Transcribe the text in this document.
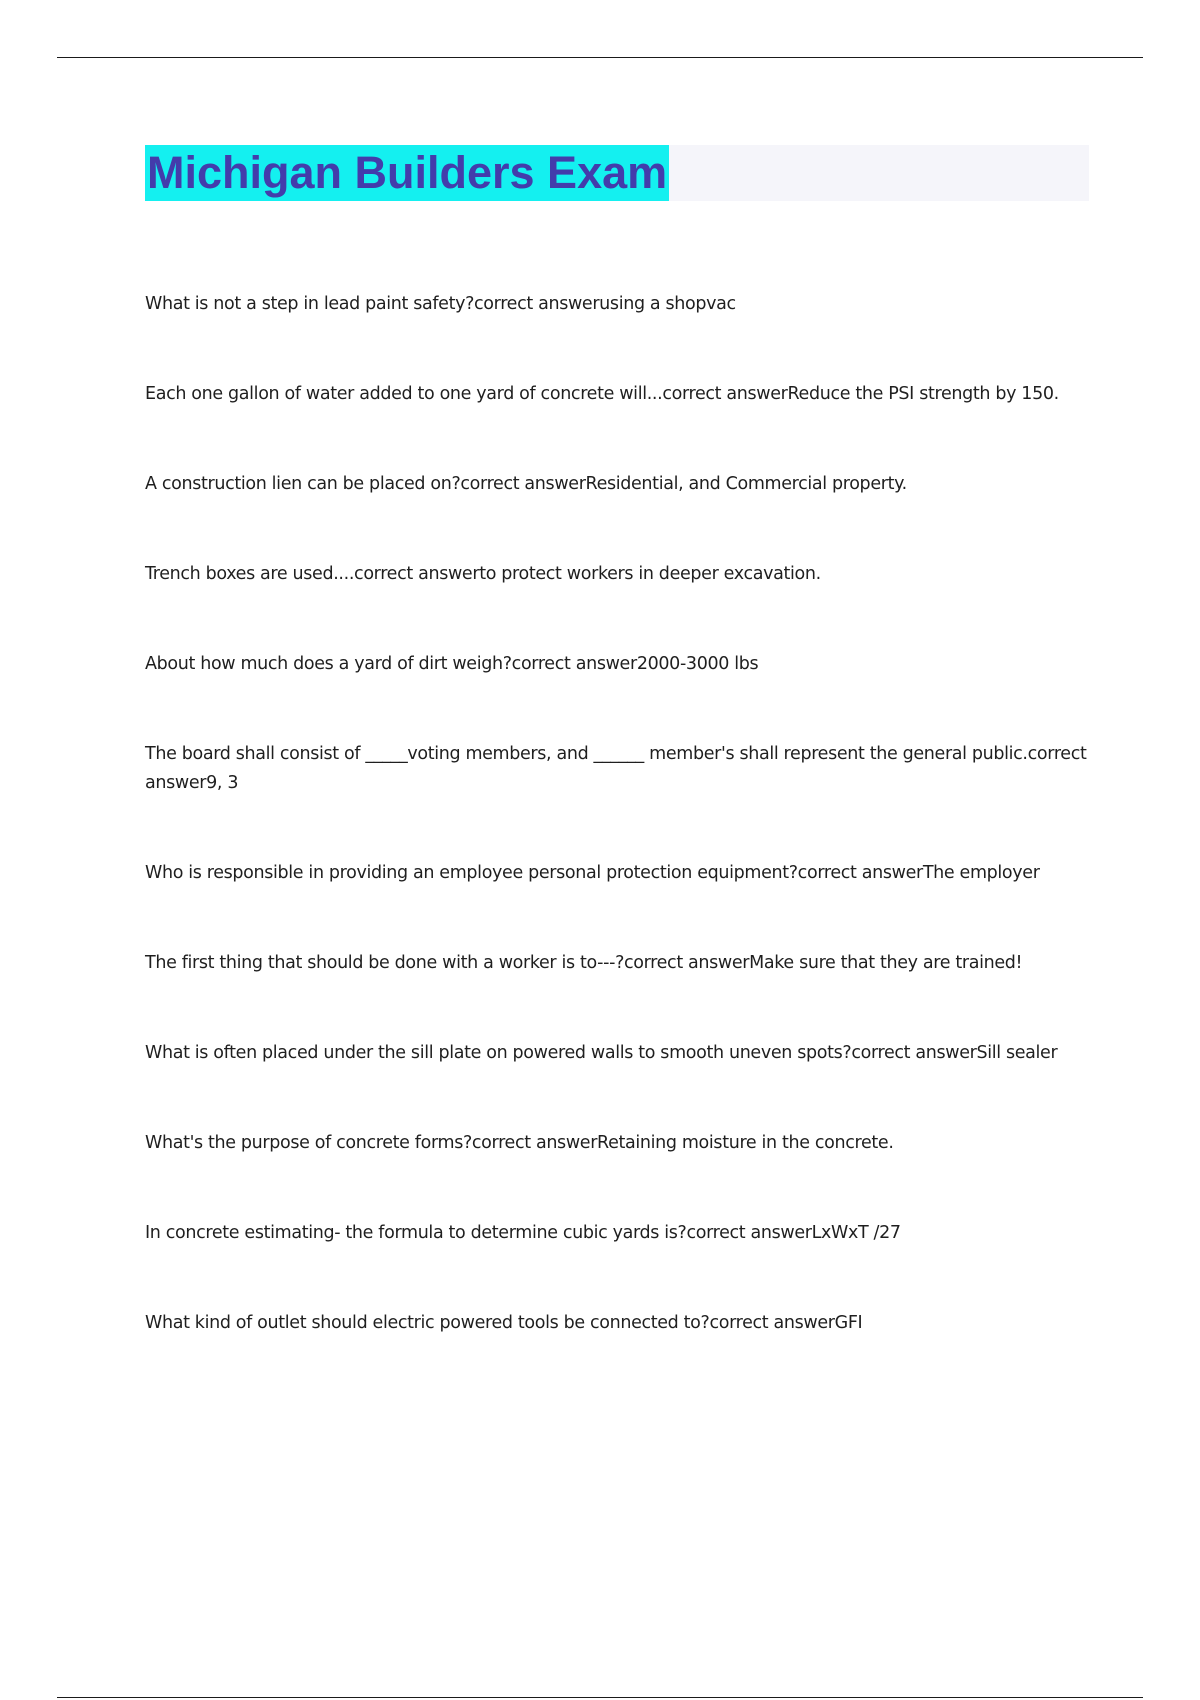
Michigan Builders Exam
What is not a step in lead paint safety?correct answerusing a shopvac
Each one gallon of water added to one yard of concrete will...correct answerReduce the PSI strength by 150.
A construction lien can be placed on?correct answerResidential, and Commercial property.
Trench boxes are used....correct answerto protect workers in deeper excavation.
About how much does a yard of dirt weigh?correct answer2000-3000 lbs
The board shall consist of _____voting members, and ______ member's shall represent the general public.correct answer9, 3
Who is responsible in providing an employee personal protection equipment?correct answerThe employer
The first thing that should be done with a worker is to---?correct answerMake sure that they are trained!
What is often placed under the sill plate on powered walls to smooth uneven spots?correct answerSill sealer
What's the purpose of concrete forms?correct answerRetaining moisture in the concrete.
In concrete estimating- the formula to determine cubic yards is?correct answerLxWxT /27
What kind of outlet should electric powered tools be connected to?correct answerGFI
